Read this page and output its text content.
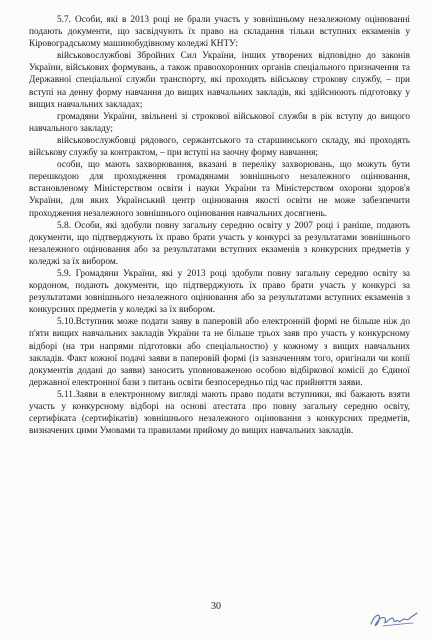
5.7. Особи, які в 2013 році не брали участь у зовнішньому незалежному оцінюванні подають документи, що засвідчують їх право на складання тільки вступних екзаменів у Кіровоградському машинобудівному коледжі КНТУ:

військовослужбові Збройних Сил України, інших утворених відповідно до законів України, військових формувань, а також правоохоронних органів спеціального призначення та Державної спеціальної служби транспорту, які проходять військову строкову службу, – при вступі на денну форму навчання до вищих навчальних закладів, які здійснюють підготовку у вищих навчальних закладах;

громадяни України, звільнені зі строкової військової служби в рік вступу до вищого навчального закладу;

військовослужбовці рядового, сержантського та старшинського складу, які проходять військову службу за контрактом, – при вступі на заочну форму навчання;

особи, що мають захворювання, вказані в переліку захворювань, що можуть бути перешкодою для проходження громадянами зовнішнього незалежного оцінювання, встановленому Міністерством освіти і науки України та Міністерством охорони здоров'я України, для яких Український центр оцінювання якості освіти не може забезпечити проходження незалежного зовнішнього оцінювання навчальних досягнень.

5.8. Особи, які здобули повну загальну середню освіту у 2007 році і раніше, подають документи, що підтверджують їх право брати участь у конкурсі за результатами зовнішнього незалежного оцінювання або за результатами вступних екзаменів з конкурсних предметів у коледжі за їх вибором.

5.9. Громадяни України, які у 2013 році здобули повну загальну середню освіту за кордоном, подають документи, що підтверджують їх право брати участь у конкурсі за результатами зовнішнього незалежного оцінювання або за результатами вступних екзаменів з конкурсних предметів у коледжі за їх вибором.

5.10.Вступник може подати заяву в паперовій або електронній формі не більше ніж до п'яти вищих навчальних закладів України та не більше трьох заяв про участь у конкурсному відборі (на три напрями підготовки або спеціальностю) у кожному з вищих навчальних закладів. Факт кожної подачі заяви в паперовій формі (із зазначенням того, оригінали чи копії документів додані до заяви) заносить уповноваженою особою відбіркової комісії до Єдиної державної електронної бази з питань освіти безпосередньо під час прийняття заяви.

5.11.Заяви в електронному вигляді мають право подати вступники, які бажають взяти участь у конкурсному відборі на основі атестата про повну загальну середню освіту, сертифіката (сертифікатів) зовнішнього незалежного оцінювання з конкурсних предметів, визначених цими Умовами та правилами прийому до вищих навчальних закладів.

30
